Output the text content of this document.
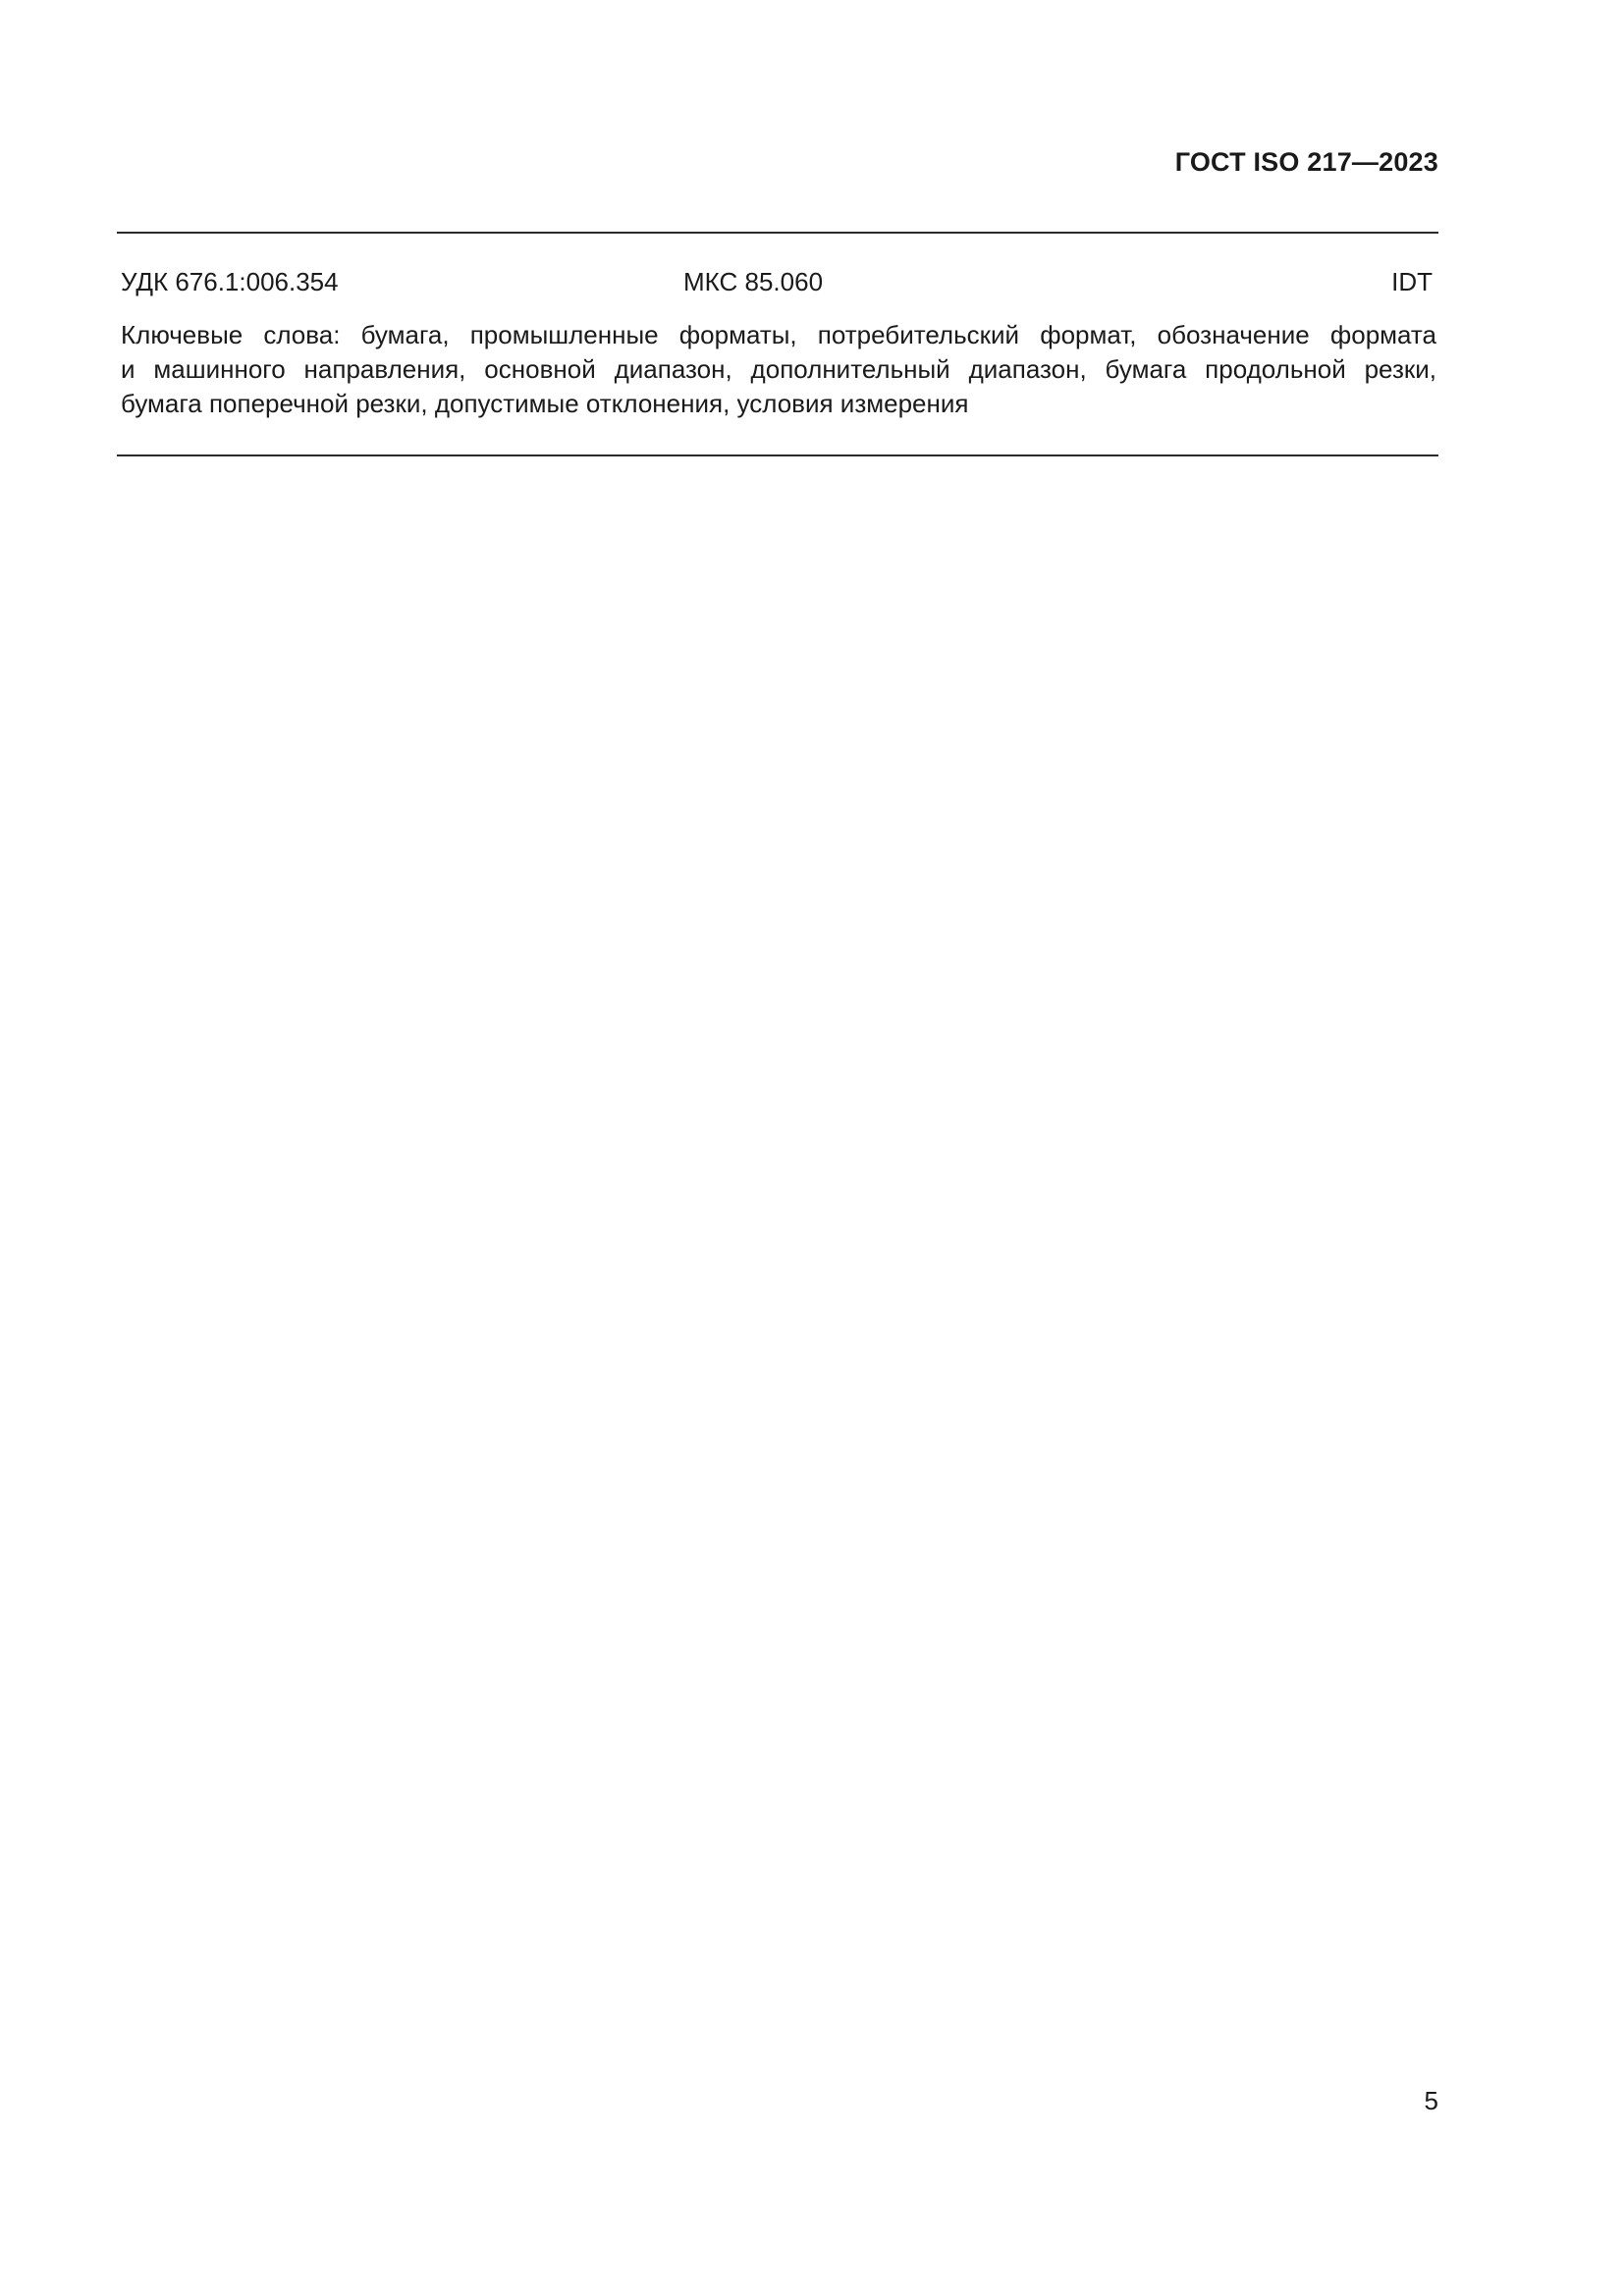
ГОСТ ISO 217—2023
УДК 676.1:006.354	МКС 85.060	IDT
Ключевые слова: бумага, промышленные форматы, потребительский формат, обозначение формата
и машинного направления, основной диапазон, дополнительный диапазон, бумага продольной резки,
бумага поперечной резки, допустимые отклонения, условия измерения
5
